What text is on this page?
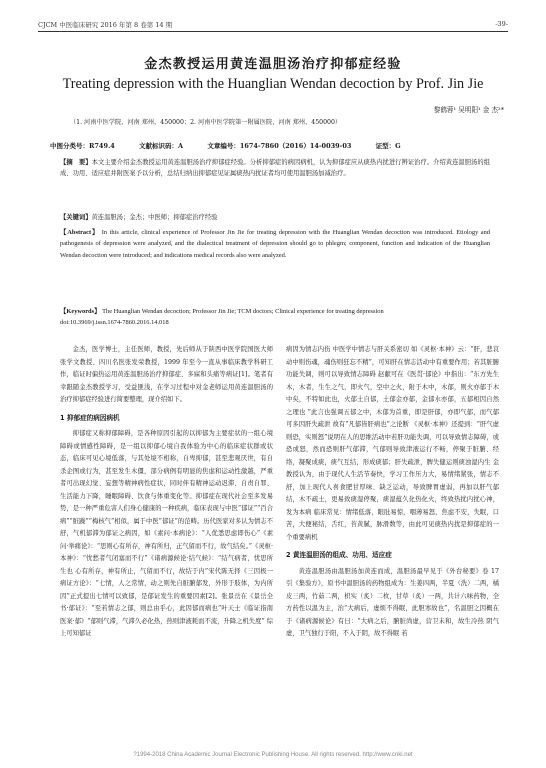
CJCM 中医临床研究 2016 年第 8 卷第 14 期	-39-
金杰教授运用黄连温胆汤治疗抑郁症经验
Treating depression with the Huanglian Wendan decoction by Prof. Jin Jie
黎鹤蓉¹ 吴明阳¹ 金 杰²*
（1. 河南中医学院，河南 郑州，450000；2. 河南中医学院第一附属医院，河南 郑州，450000）
中图分类号：R749.4	文献标识码：A	文章编号：1674-7860（2016）14-0039-03	证型：G
【摘　要】本文主要介绍金杰教授运用黄连温胆汤治疗抑郁症经验。分析抑郁症的病因病机，认为抑郁症应从痰热内扰进行辨证治疗。介绍黄连温胆汤的组成、功用、适应症并附医案予以分析，总结归纳出抑郁症见证属痰热内扰证者均可使用温胆汤加减治疗。
【关键词】黄连温胆汤；金杰；中医师；抑郁症治疗经验
【Abstract】 In this article, clinical experience of Professor Jin Jie for treating depression with the Huanglian Wendan decoction was introduced. Etiology and pathogenesis of depression were analyzed, and the dialectical treatment of depression should go to phlegm; component, function and indication of the Huanglian Wendan decoction were introduced; and indications medical records also were analyzed.
【Keywords】 The Huanglian Wendan decoction; Professor Jin Jie; TCM doctors; Clinical experience for treating depression
doi:10.3969/j.issn.1674-7860.2016.14.018

金杰，医学博士，主任医师，教授，先后师从于陕西中医学院国医大师张学文教授、四川名医张发荣教授，1999 年至今一直从事临床教学科研工作，临证时偏热运用黄连温胆汤治疗抑郁症、多寐和头痛等病证[1]。笔者有幸跟随金杰教授学习，受益匪浅，在学习过程中对金老师运用黄连温胆汤的治疗抑郁症经验进行简要整理，现介绍如下。

1 抑郁症的病因病机

抑郁症又称抑郁障碍，是各种原因引起的以抑郁为主要症状的一组心境障碍或情感性障碍，是一组以抑郁心境自我体验为中心的临床症状群或状态，临床可见心境低落，与其处境不相称，自卑抑郁，甚至悲观厌世，有自杀企图或行为，甚至发生木僵，部分病例有明显的焦虑和运动性激越，严重者可出现幻觉、妄想等精神病性症状，同时伴有精神运动迟滞、自责自罪、生活能力下降，睡眠障碍、饮食与体重变化等。抑郁症在现代社会至多发易势，是一种严重危害人们身心健康的一种疾病，临床表现与中医“郁证”“百合病”“脏躁”“梅核气”相似，属于中医“郁证”的范畴。历代医家对多认为情志不舒，气机郁滞为郁证之病因，如《素问·本病论》：“人优悉思虑即伤心”《素问·举痛论》：“思则心有所存，神有所归，正气留而不行，故气结矣。”《灵枢·本神》：“忧愁者气闭塞而不行”《诸病源候论·结气候》：“结气病者，忧思所生也 心有所存，神有所止，气留而不行，故结于内”宋代陈无择《三因极一病证方论》：“七情，人之常情，动之则先自脏腑郁发，外形于肢体，为内所因”正式提出七情可以致郁，是郁证发生的重要因素[2]。张景岳在《景岳全书·郁证》：“至若情志之郁，则总由乎心，此因郁而病也”叶天士《临证指南医案·郁》“郁则气滞，气滞久必化热，热则津液耗而不流，升降之机失度” 综上可知郁证

病因为情志内伤 中医学中情志与肝关系密切 如《灵枢·本神》云：“肝，悲哀动中则伤魂，魂伤则狂忘不精”，可知肝在情志活动中有重要作用；若其脏腑功能失调，则可以导致情志障碍 赵献可在《医贯·郁论》中指出：“东方先生木，木者，生生之气，即火气，空中之火，附于木中，木郁，则火亦郁于木中矣，不特如此也，火郁土自郁，土郁金亦郁，金郁水亦郁，五郁相因自然之理也 ”此言也强调五郁之中，木郁为首重，即是肝郁，亦即气郁，而气郁可多因肝失疏泄 故有“凡郁皆肝病也”之论断 《灵枢·本神》还提到：“肝气虚则恐，实则怒”说明在人的思维活动中若肝功能失调，可以导致情志障碍，或恐或怒，然而恐则肝气郁滞，气郁则导致津液运行不畅，停聚于脏腑、经络，凝聚成痰，痰气互结，形成痰郁；肝失疏泄，脾失健运则痰浊湿内生 金教授认为，由于现代人生活节奏快，学习工作压力大，易情绪紧张，情志不舒，加上现代人喜食肥甘厚味、缺乏运动，导致脾胃虚弱，再加以肝气郁结，木不疏土，更易致痰湿停聚，痰湿蕴久化热化火，终致热扰内扰心神，发为本病 临床常见：情绪低落，眼肚易惊，咽薄易怒，焦虑不安，失眠，口苦，大便秘结，舌红，苔黄腻，脉滑数等，由此可见痰热内扰是抑郁症的一个重要病机

2 黄连温胆汤的组成、功用、适应症

黄连温胆汤由温胆汤加黄连而成，温胆汤最早见于《外台秘要》卷 17 引《集验方》，原书中温胆汤的药物组成为：生姜四两，半夏（洗）二两，橘皮三两，竹茹二两，枳实（炙）二枚，甘草（炙）一两，共计六味药物，全方药性以温为主，治“大病后，虚烦不得眠，此胆寒故也”，名温胆之因概在于《诸病源候论》有曰：“大病之后，腑脏尚虚，营卫未和，故生冷热 阴气虚，卫气独行于阳，不入于阴，故不得眠 若

?1994-2018 China Academic Journal Electronic Publishing House. All rights reserved. http://www.cnki.net
